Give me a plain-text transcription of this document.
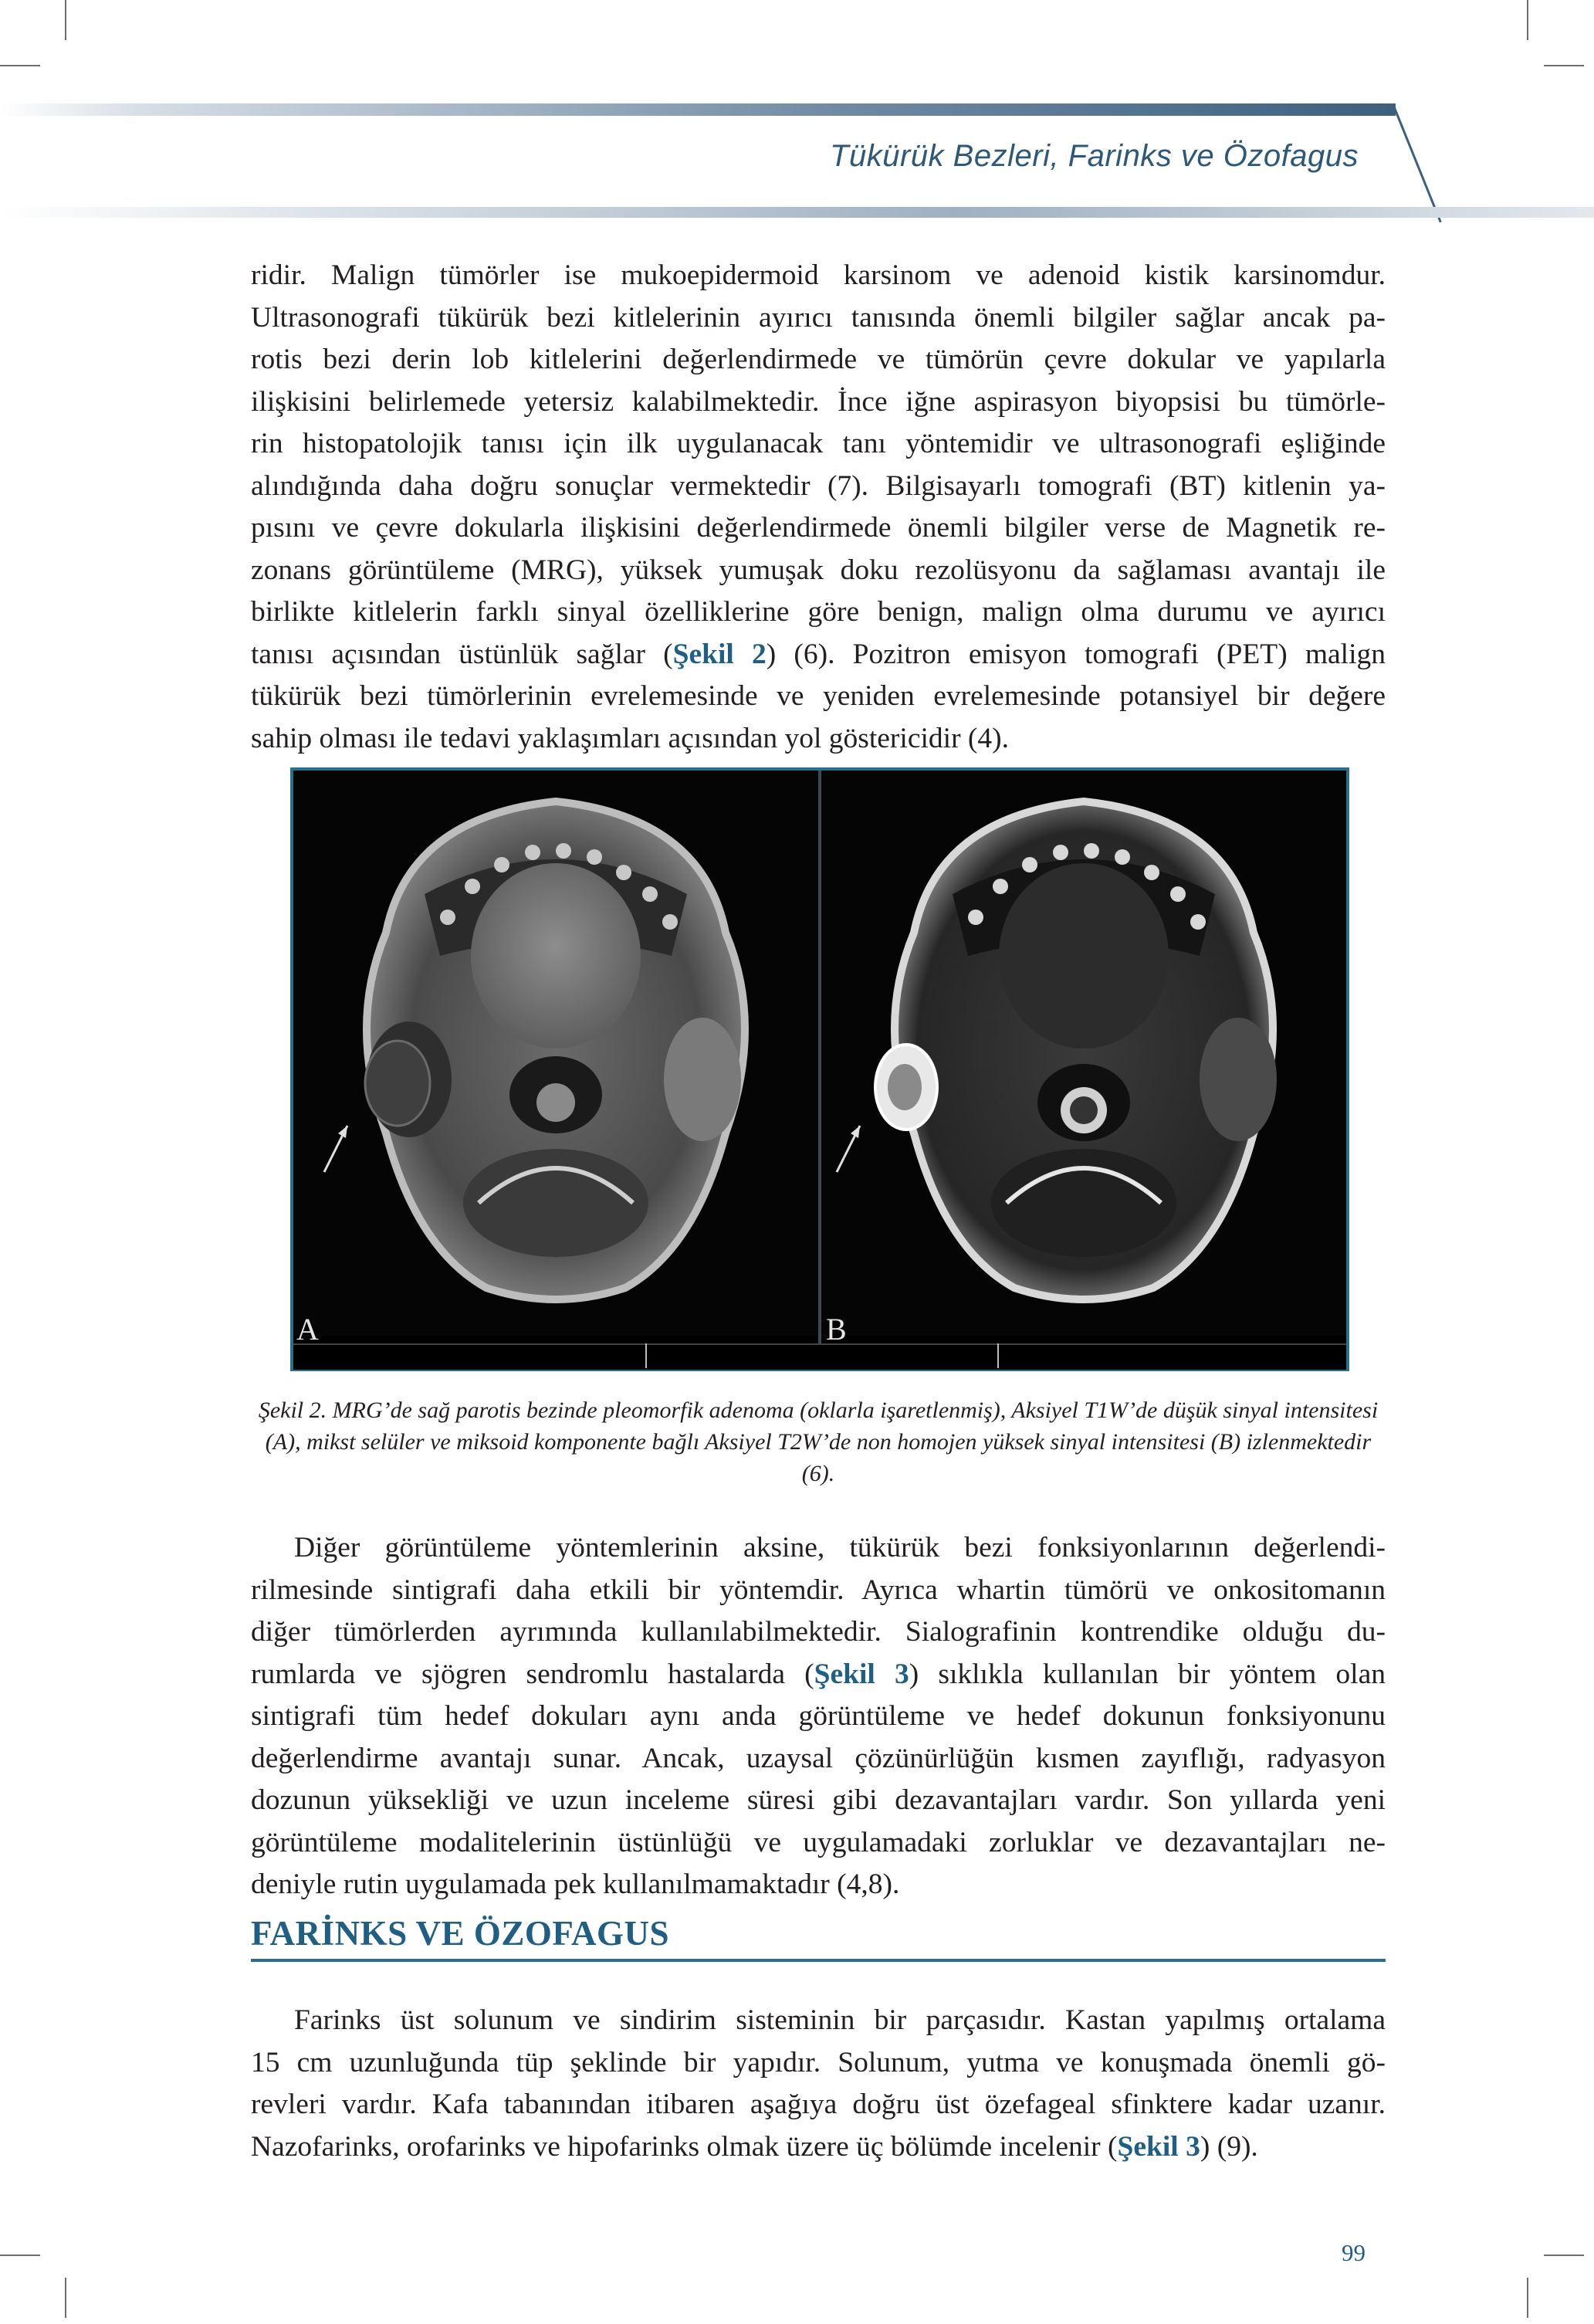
Tükürük Bezleri, Farinks ve Özofagus
ridir. Malign tümörler ise mukoepidermoid karsinom ve adenoid kistik karsinomdur.
Ultrasonografi tükürük bezi kitlelerinin ayırıcı tanısında önemli bilgiler sağlar ancak pa-
rotis bezi derin lob kitlelerini değerlendirmede ve tümörün çevre dokular ve yapılarla
ilişkisini belirlemede yetersiz kalabilmektedir. İnce iğne aspirasyon biyopsisi bu tümörle-
rin histopatolojik tanısı için ilk uygulanacak tanı yöntemidir ve ultrasonografi eşliğinde
alındığında daha doğru sonuçlar vermektedir (7). Bilgisayarlı tomografi (BT) kitlenin ya-
pısını ve çevre dokularla ilişkisini değerlendirmede önemli bilgiler verse de Magnetik re-
zonans görüntüleme (MRG), yüksek yumuşak doku rezolüsyonu da sağlaması avantajı ile
birlikte kitlelerin farklı sinyal özelliklerine göre benign, malign olma durumu ve ayırıcı
tanısı açısından üstünlük sağlar (Şekil 2) (6). Pozitron emisyon tomografi (PET) malign
tükürük bezi tümörlerinin evrelemesinde ve yeniden evrelemesinde potansiyel bir değere
sahip olması ile tedavi yaklaşımları açısından yol göstericidir (4).
A	B
Şekil 2. MRG’de sağ parotis bezinde pleomorfik adenoma (oklarla işaretlenmiş), Aksiyel T1W’de düşük sinyal intensitesi (A), mikst selüler ve miksoid komponente bağlı Aksiyel T2W’de non homojen yüksek sinyal intensitesi (B) izlenmektedir (6).
Diğer görüntüleme yöntemlerinin aksine, tükürük bezi fonksiyonlarının değerlendi-
rilmesinde sintigrafi daha etkili bir yöntemdir. Ayrıca whartin tümörü ve onkositomanın
diğer tümörlerden ayrımında kullanılabilmektedir. Sialografinin kontrendike olduğu du-
rumlarda ve sjögren sendromlu hastalarda (Şekil 3) sıklıkla kullanılan bir yöntem olan
sintigrafi tüm hedef dokuları aynı anda görüntüleme ve hedef dokunun fonksiyonunu
değerlendirme avantajı sunar. Ancak, uzaysal çözünürlüğün kısmen zayıflığı, radyasyon
dozunun yüksekliği ve uzun inceleme süresi gibi dezavantajları vardır. Son yıllarda yeni
görüntüleme modalitelerinin üstünlüğü ve uygulamadaki zorluklar ve dezavantajları ne-
deniyle rutin uygulamada pek kullanılmamaktadır (4,8).
FARİNKS VE ÖZOFAGUS
Farinks üst solunum ve sindirim sisteminin bir parçasıdır. Kastan yapılmış ortalama
15 cm uzunluğunda tüp şeklinde bir yapıdır. Solunum, yutma ve konuşmada önemli gö-
revleri vardır. Kafa tabanından itibaren aşağıya doğru üst özefageal sfinktere kadar uzanır.
Nazofarinks, orofarinks ve hipofarinks olmak üzere üç bölümde incelenir (Şekil 3) (9).
99
